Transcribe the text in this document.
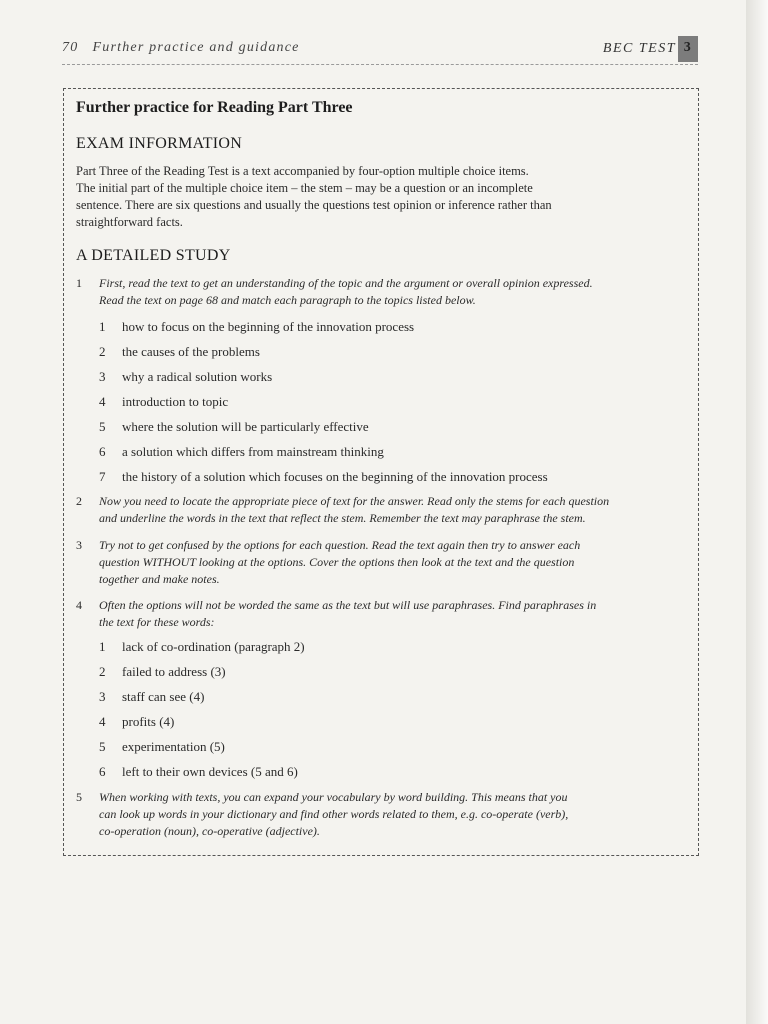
70 Further practice and guidance	BEC TEST 3
Further practice for Reading Part Three
EXAM INFORMATION
Part Three of the Reading Test is a text accompanied by four-option multiple choice items.
The initial part of the multiple choice item – the stem – may be a question or an incomplete
sentence. There are six questions and usually the questions test opinion or inference rather than
straightforward facts.
A DETAILED STUDY
1 First, read the text to get an understanding of the topic and the argument or overall opinion expressed.
Read the text on page 68 and match each paragraph to the topics listed below.
1 how to focus on the beginning of the innovation process
2 the causes of the problems
3 why a radical solution works
4 introduction to topic
5 where the solution will be particularly effective
6 a solution which differs from mainstream thinking
7 the history of a solution which focuses on the beginning of the innovation process
2 Now you need to locate the appropriate piece of text for the answer. Read only the stems for each question
and underline the words in the text that reflect the stem. Remember the text may paraphrase the stem.
3 Try not to get confused by the options for each question. Read the text again then try to answer each
question WITHOUT looking at the options. Cover the options then look at the text and the question
together and make notes.
4 Often the options will not be worded the same as the text but will use paraphrases. Find paraphrases in
the text for these words:
1 lack of co-ordination (paragraph 2)
2 failed to address (3)
3 staff can see (4)
4 profits (4)
5 experimentation (5)
6 left to their own devices (5 and 6)
5 When working with texts, you can expand your vocabulary by word building. This means that you
can look up words in your dictionary and find other words related to them, e.g. co-operate (verb),
co-operation (noun), co-operative (adjective).
